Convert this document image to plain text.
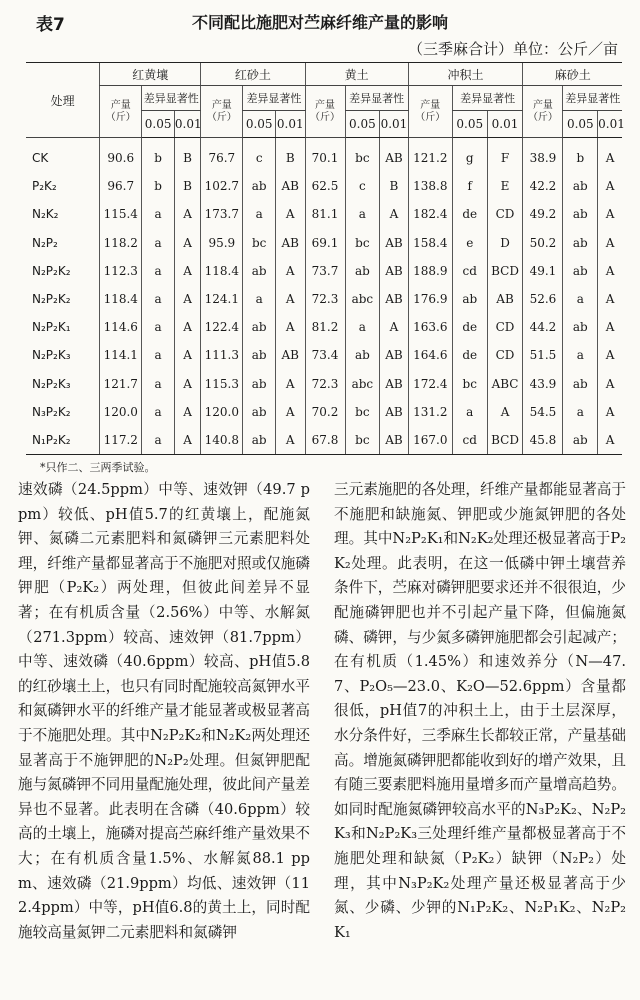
表7	不同配比施肥对苎麻纤维产量的影响
（三季麻合计）单位：公斤／亩
处理	红黄壤			红砂土			黄土			冲积土			麻砂土		
	产量（斤）	差异显著性		产量（斤）	差异显著性		产量（斤）	差异显著性		产量（斤）	差异显著性		产量（斤）	差异显著性	
		0.05	0.01		0.05	0.01		0.05	0.01		0.05	0.01		0.05	0.01
CK	90.6	b	B	76.7	c	B	70.1	bc	AB	121.2	g	F	38.9	b	A
P₂K₂	96.7	b	B	102.7	ab	AB	62.5	c	B	138.8	f	E	42.2	ab	A
N₂K₂	115.4	a	A	173.7	a	A	81.1	a	A	182.4	de	CD	49.2	ab	A
N₂P₂	118.2	a	A	95.9	bc	AB	69.1	bc	AB	158.4	e	D	50.2	ab	A
N₂P₂K₂	112.3	a	A	118.4	ab	A	73.7	ab	AB	188.9	cd	BCD	49.1	ab	A
N₂P₂K₂	118.4	a	A	124.1	a	A	72.3	abc	AB	176.9	ab	AB	52.6	a	A
N₂P₂K₁	114.6	a	A	122.4	ab	A	81.2	a	A	163.6	de	CD	44.2	ab	A
N₂P₂K₃	114.1	a	A	111.3	ab	AB	73.4	ab	AB	164.6	de	CD	51.5	a	A
N₂P₂K₃	121.7	a	A	115.3	ab	A	72.3	abc	AB	172.4	bc	ABC	43.9	ab	A
N₃P₂K₂	120.0	a	A	120.0	ab	A	70.2	bc	AB	131.2	a	A	54.5	a	A
N₁P₂K₂	117.2	a	A	140.8	ab	A	67.8	bc	AB	167.0	cd	BCD	45.8	ab	A
*只作二、三两季试验。
速效磷（24.5ppm）中等、速效钾（49.7 ppm）较低、pH值5.7的红黄壤上，配施氮钾、氮磷二元素肥料和氮磷钾三元素肥料处理，纤维产量都显著高于不施肥对照或仅施磷钾肥（P₂K₂）两处理，但彼此间差异不显著；在有机质含量（2.56%）中等、水解氮（271.3ppm）较高、速效钾（81.7ppm）中等、速效磷（40.6ppm）较高、pH值5.8的红砂壤土上，也只有同时配施较高氮钾水平和氮磷钾水平的纤维产量才能显著或极显著高于不施肥处理。其中N₂P₂K₂和N₂K₂两处理还显著高于不施钾肥的N₂P₂处理。但氮钾肥配施与氮磷钾不同用量配施处理，彼此间产量差异也不显著。此表明在含磷（40.6ppm）较高的土壤上，施磷对提高苎麻纤维产量效果不大；在有机质含量1.5%、水解氮88.1 ppm、速效磷（21.9ppm）均低、速效钾（112.4ppm）中等，pH值6.8的黄土上，同时配施较高量氮钾二元素肥料和氮磷钾
三元素施肥的各处理，纤维产量都能显著高于不施肥和缺施氮、钾肥或少施氮钾肥的各处理。其中N₂P₂K₁和N₂K₂处理还极显著高于P₂K₂处理。此表明，在这一低磷中钾土壤营养条件下，苎麻对磷钾肥要求还并不很很迫，少配施磷钾肥也并不引起产量下降，但偏施氮磷、磷钾，与少氮多磷钾施肥都会引起减产；在有机质（1.45%）和速效养分（N—47.7、P₂O₅—23.0、K₂O—52.6ppm）含量都很低，pH值7的冲积土上，由于土层深厚，水分条件好，三季麻生长都较正常，产量基础高。增施氮磷钾肥都能收到好的增产效果，且有随三要素肥料施用量增多而产量增高趋势。如同时配施氮磷钾较高水平的N₃P₂K₂、N₂P₂K₃和N₂P₂K₃三处理纤维产量都极显著高于不施肥处理和缺氮（P₂K₂）缺钾（N₂P₂）处理，其中N₃P₂K₂处理产量还极显著高于少氮、少磷、少钾的N₁P₂K₂、N₂P₁K₂、N₂P₂K₁
